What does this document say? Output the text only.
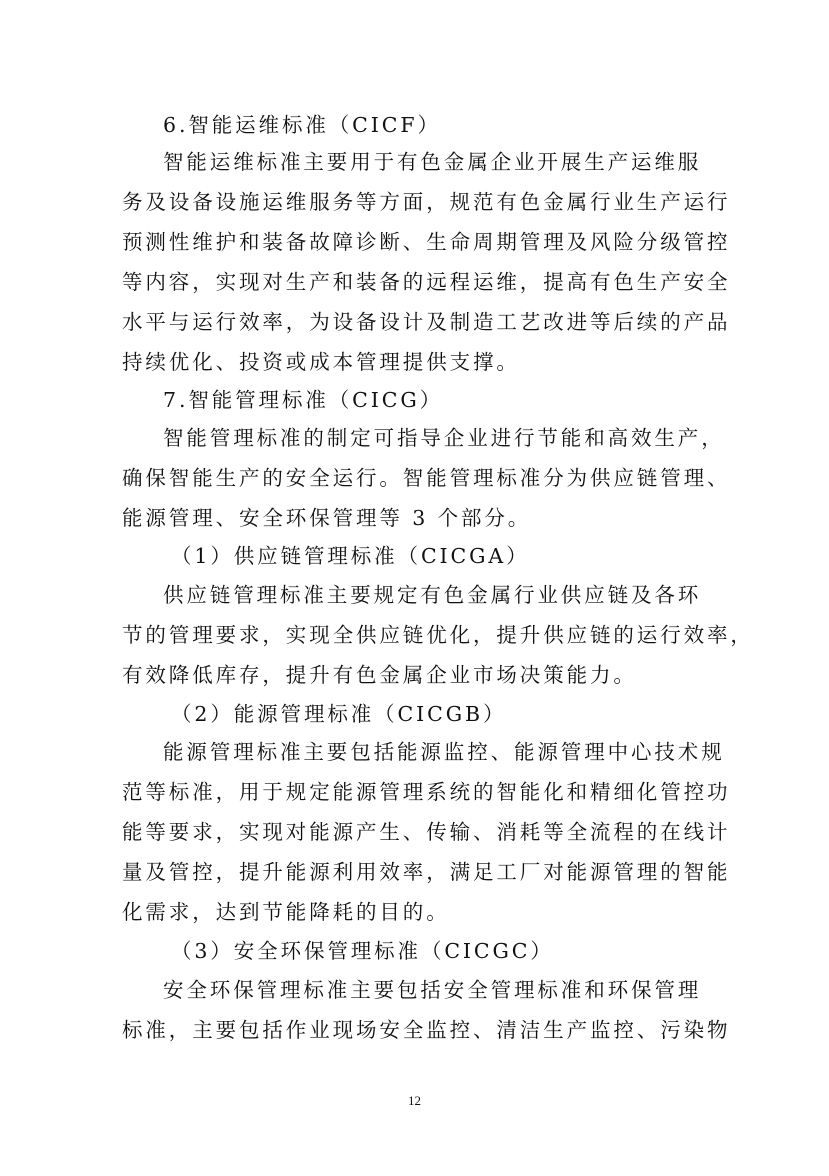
6.智能运维标准（CICF）
智能运维标准主要用于有色金属企业开展生产运维服
务及设备设施运维服务等方面，规范有色金属行业生产运行
预测性维护和装备故障诊断、生命周期管理及风险分级管控
等内容，实现对生产和装备的远程运维，提高有色生产安全
水平与运行效率，为设备设计及制造工艺改进等后续的产品
持续优化、投资或成本管理提供支撑。
7.智能管理标准（CICG）
智能管理标准的制定可指导企业进行节能和高效生产，
确保智能生产的安全运行。智能管理标准分为供应链管理、
能源管理、安全环保管理等 3 个部分。
（1）供应链管理标准（CICGA）
供应链管理标准主要规定有色金属行业供应链及各环
节的管理要求，实现全供应链优化，提升供应链的运行效率，
有效降低库存，提升有色金属企业市场决策能力。
（2）能源管理标准（CICGB）
能源管理标准主要包括能源监控、能源管理中心技术规
范等标准，用于规定能源管理系统的智能化和精细化管控功
能等要求，实现对能源产生、传输、消耗等全流程的在线计
量及管控，提升能源利用效率，满足工厂对能源管理的智能
化需求，达到节能降耗的目的。
（3）安全环保管理标准（CICGC）
安全环保管理标准主要包括安全管理标准和环保管理
标准，主要包括作业现场安全监控、清洁生产监控、污染物
12
